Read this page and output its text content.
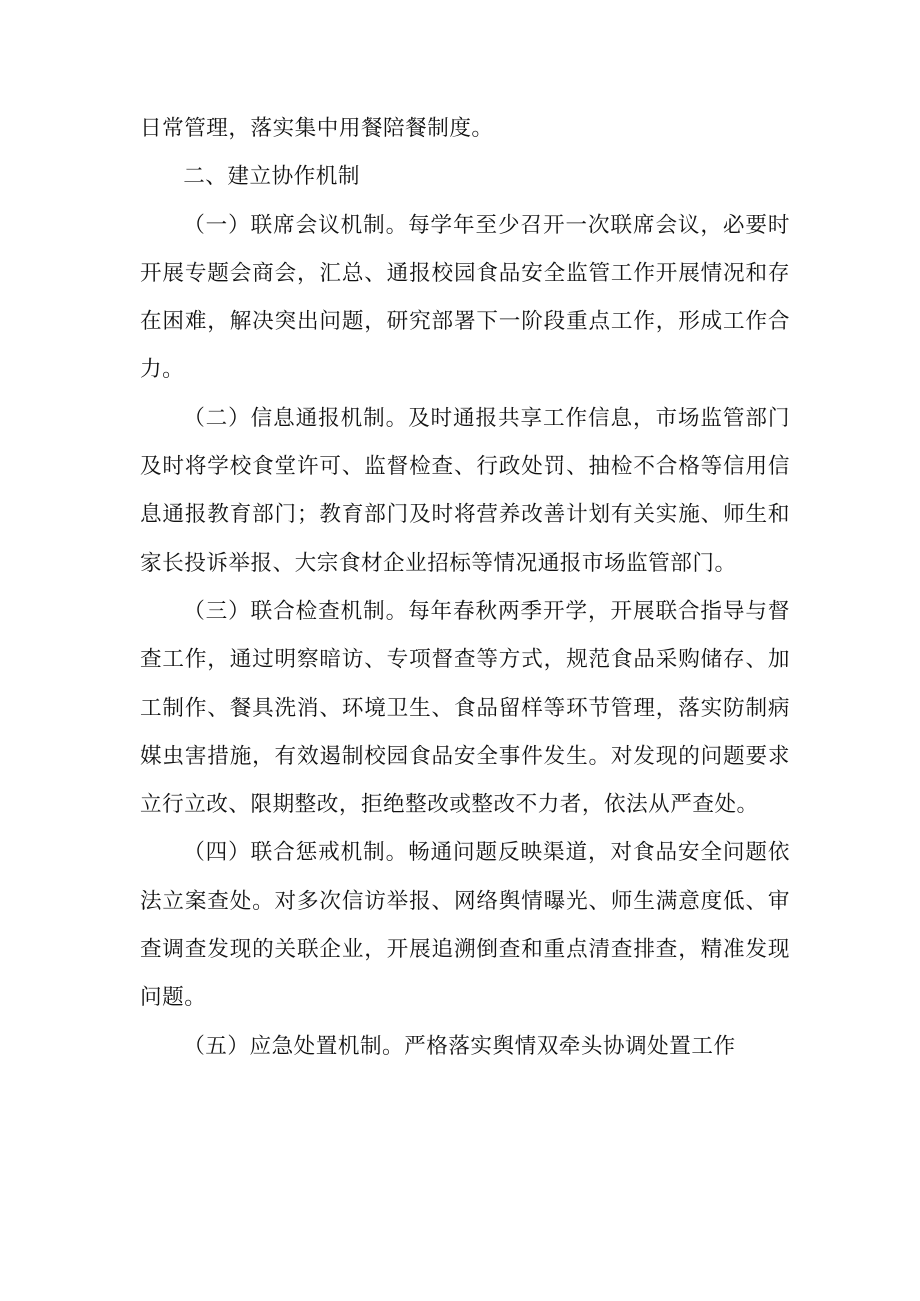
日常管理，落实集中用餐陪餐制度。

二、建立协作机制

（一）联席会议机制。每学年至少召开一次联席会议，必要时开展专题会商会，汇总、通报校园食品安全监管工作开展情况和存在困难，解决突出问题，研究部署下一阶段重点工作，形成工作合力。

（二）信息通报机制。及时通报共享工作信息，市场监管部门及时将学校食堂许可、监督检查、行政处罚、抽检不合格等信用信息通报教育部门；教育部门及时将营养改善计划有关实施、师生和家长投诉举报、大宗食材企业招标等情况通报市场监管部门。

（三）联合检查机制。每年春秋两季开学，开展联合指导与督查工作，通过明察暗访、专项督查等方式，规范食品采购储存、加工制作、餐具洗消、环境卫生、食品留样等环节管理，落实防制病媒虫害措施，有效遏制校园食品安全事件发生。对发现的问题要求立行立改、限期整改，拒绝整改或整改不力者，依法从严查处。

（四）联合惩戒机制。畅通问题反映渠道，对食品安全问题依法立案查处。对多次信访举报、网络舆情曝光、师生满意度低、审查调查发现的关联企业，开展追溯倒查和重点清查排查，精准发现问题。

（五）应急处置机制。严格落实舆情双牵头协调处置工作
